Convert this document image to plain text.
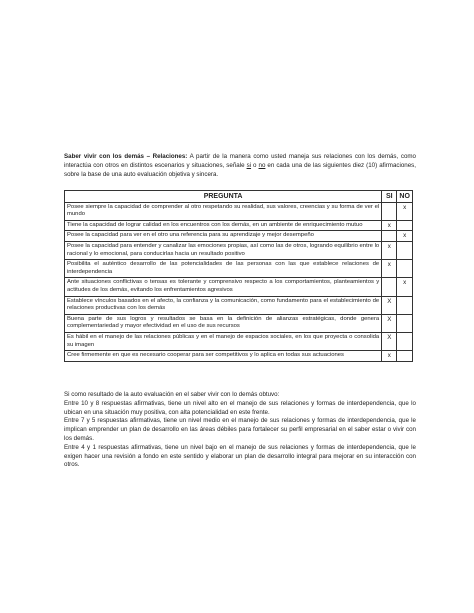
Saber vivir con los demás – Relaciones: A partir de la manera como usted maneja sus relaciones con los demás, como interactúa con otros en distintos escenarios y situaciones, señale si o no en cada una de las siguientes diez (10) afirmaciones, sobre la base de una auto evaluación objetiva y sincera.
PREGUNTA	SI	NO
Posee siempre la capacidad de comprender al otro respetando su realidad, sus valores, creencias y su forma de ver el mundo		x
Tiene la capacidad de lograr calidad en los encuentros con los demás, en un ambiente de enriquecimiento mutuo	x	
Posee la capacidad para ver en el otro una referencia para su aprendizaje y mejor desempeño		x
Posee la capacidad para entender y canalizar las emociones propias, así como las de otros, logrando equilibrio entre lo racional y lo emocional, para conducirlas hacia un resultado positivo	x	
Posibilita el auténtico desarrollo de las potencialidades de las personas con las que establece relaciones de interdependencia	x	
Ante situaciones conflictivas o tensas es tolerante y comprensivo respecto a los comportamientos, planteamientos y actitudes de los demás, evitando los enfrentamientos agresivos		x
Establece vínculos basados en el afecto, la confianza y la comunicación, como fundamento para el establecimiento de relaciones productivas con los demás	X	
Buena parte de sus logros y resultados se basa en la definición de alianzas estratégicas, donde genera complementariedad y mayor efectividad en el uso de sus recursos	X	
Es hábil en el manejo de las relaciones públicas y en el manejo de espacios sociales, en los que proyecta o consolida su imagen	X	
Cree firmemente en que es necesario cooperar para ser competitivos y lo aplica en todas sus actuaciones	x	

Si como resultado de la auto evaluación en el saber vivir con lo demás obtuvo:

Entre 10 y 8 respuestas afirmativas, tiene un nivel alto en el manejo de sus relaciones y formas de interdependencia, que lo ubican en una situación muy positiva, con alta potencialidad en este frente.

Entre 7 y 5 respuestas afirmativas, tiene un nivel medio en el manejo de sus relaciones y formas de interdependencia, que le implican emprender un plan de desarrollo en las áreas débiles para fortalecer su perfil empresarial en el saber estar o vivir con los demás.

Entre 4 y 1 respuestas afirmativas, tiene un nivel bajo en el manejo de sus relaciones y formas de interdependencia, que le exigen hacer una revisión a fondo en este sentido y elaborar un plan de desarrollo integral para mejorar en su interacción con otros.
